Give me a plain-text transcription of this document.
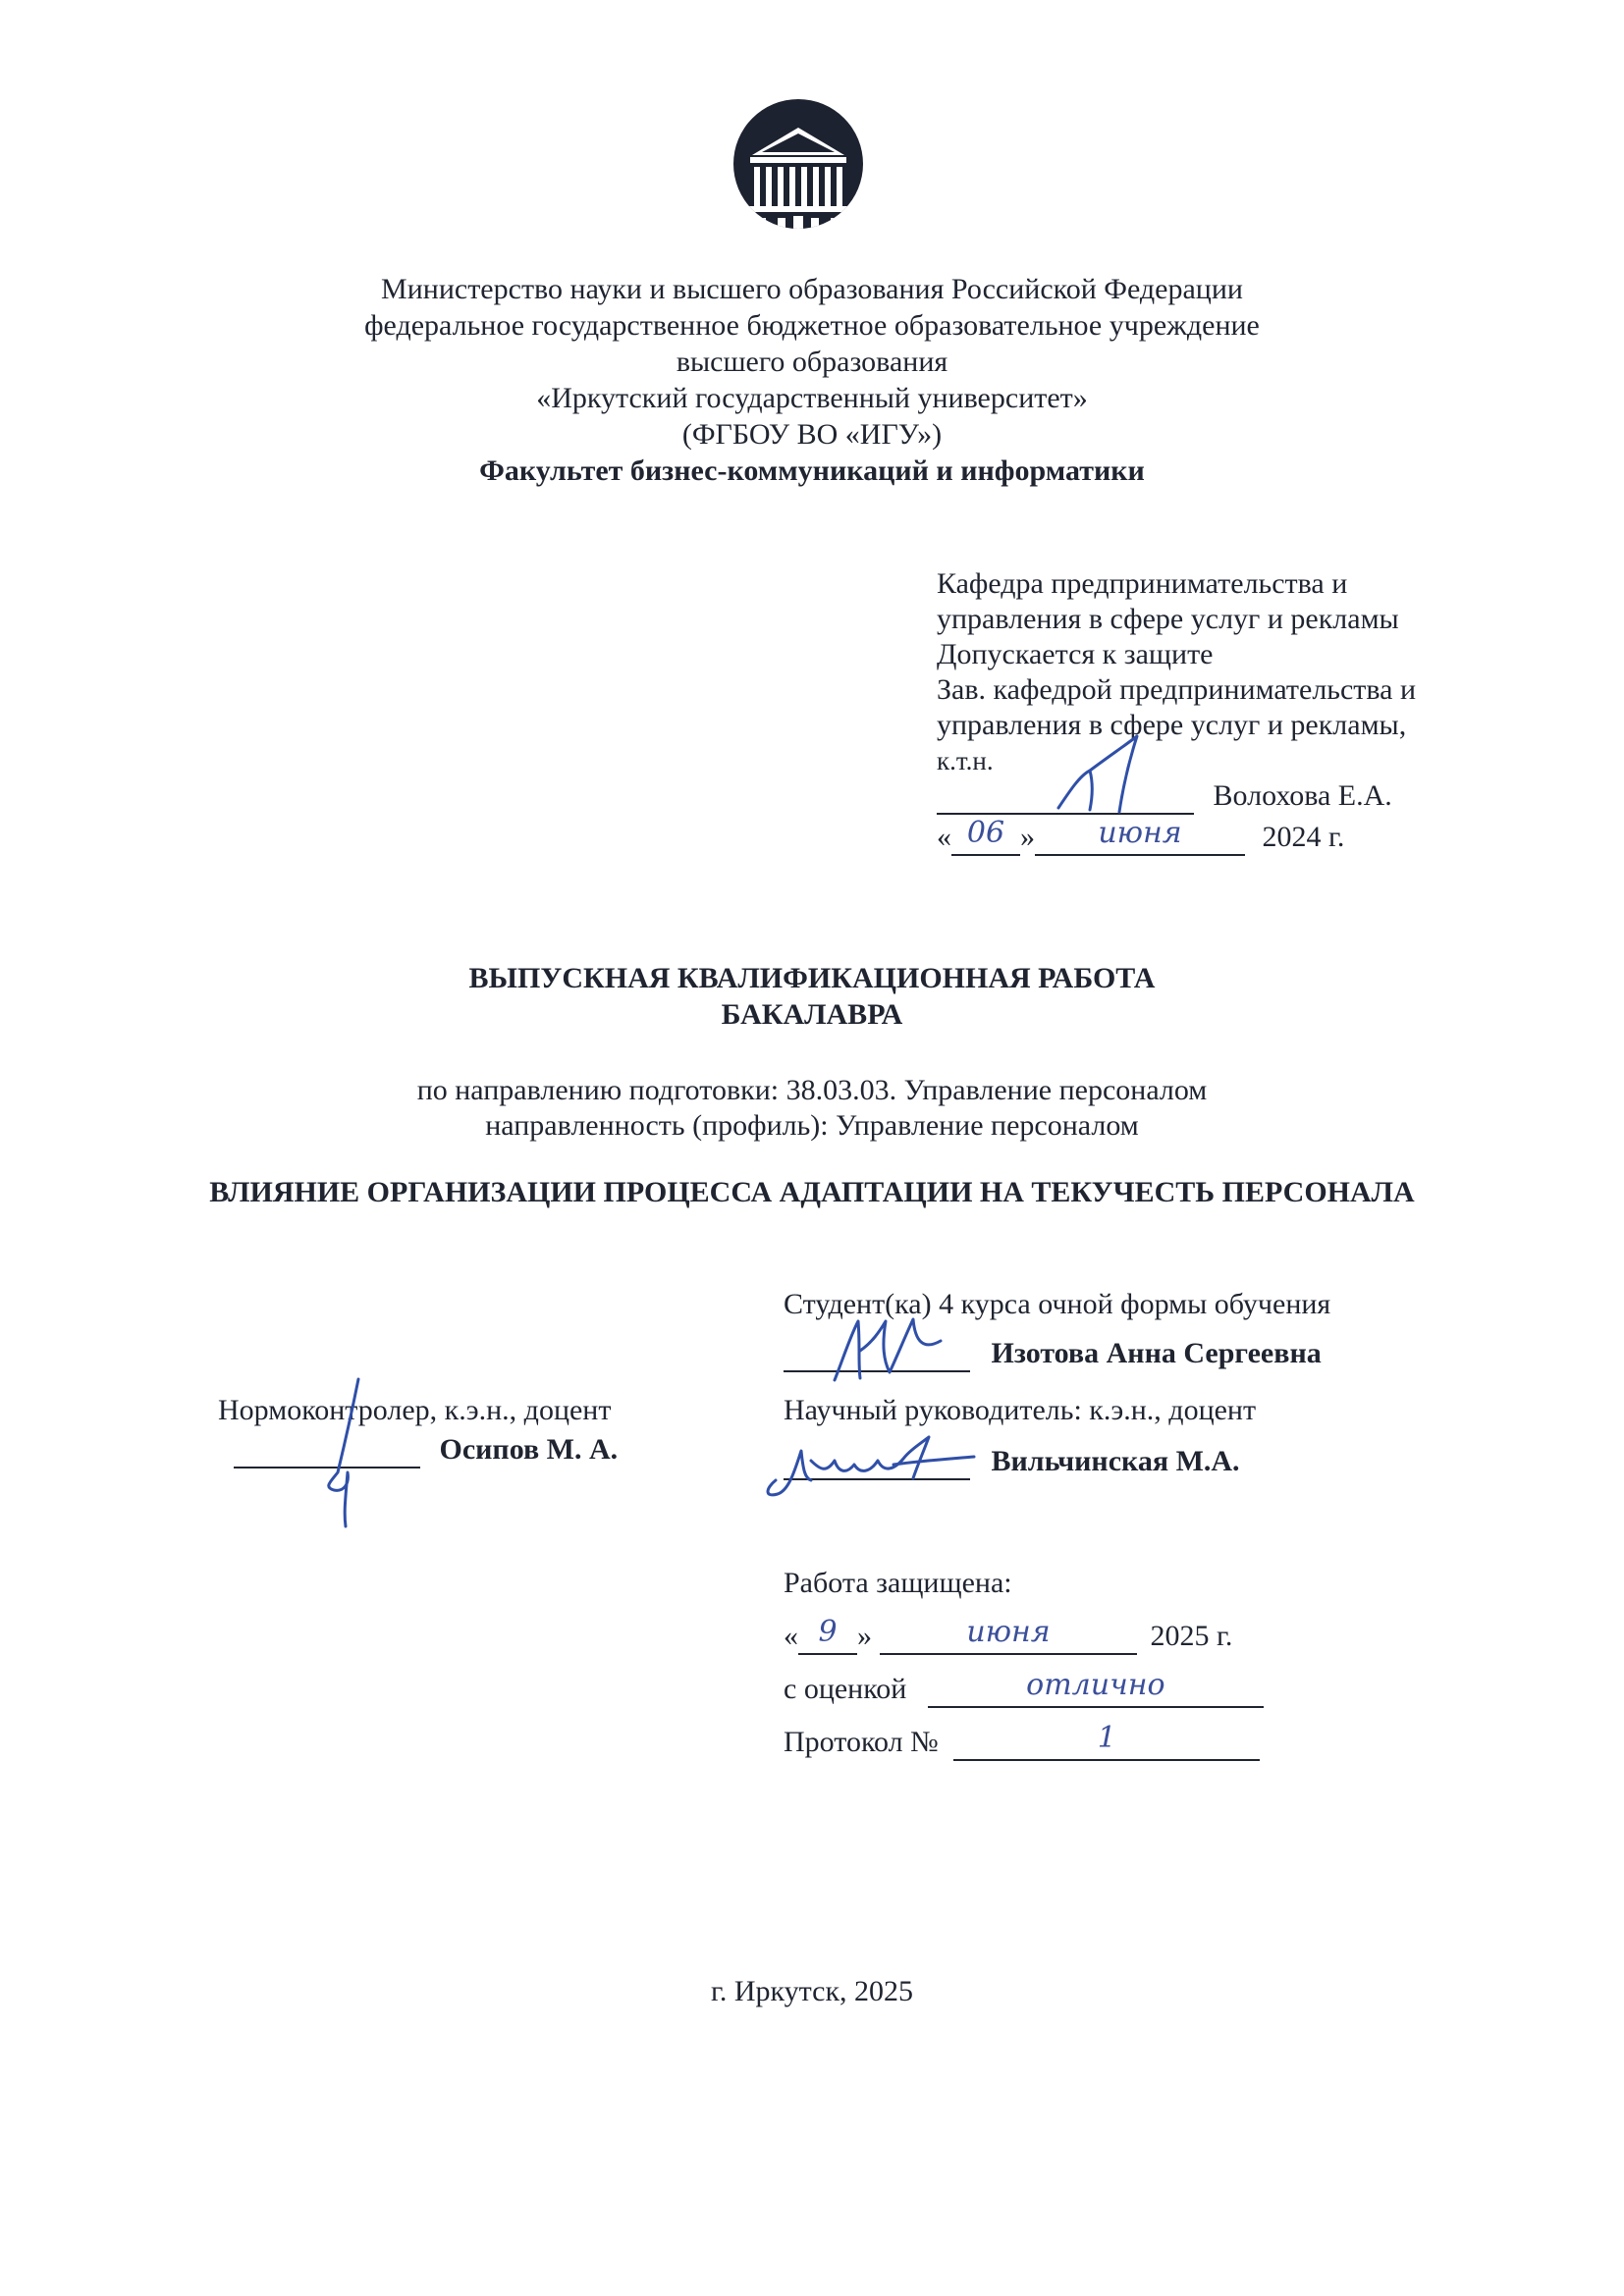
Министерство науки и высшего образования Российской Федерации
федеральное государственное бюджетное образовательное учреждение
высшего образования
«Иркутский государственный университет»
(ФГБОУ ВО «ИГУ»)
Факультет бизнес-коммуникаций и информатики
Кафедра предпринимательства и
управления в сфере услуг и рекламы
Допускается к защите
Зав. кафедрой предпринимательства и
управления в сфере услуг и рекламы,
к.т.н.
Волохова Е.А.
« 06 »	июня	2024 г.
ВЫПУСКНАЯ КВАЛИФИКАЦИОННАЯ РАБОТА
БАКАЛАВРА
по направлению подготовки: 38.03.03. Управление персоналом
направленность (профиль): Управление персоналом
ВЛИЯНИЕ ОРГАНИЗАЦИИ ПРОЦЕССА АДАПТАЦИИ НА ТЕКУЧЕСТЬ ПЕРСОНАЛА
Студент(ка) 4 курса очной формы обучения
Изотова Анна Сергеевна
Нормоконтролер, к.э.н., доцент
Осипов М. А.
Научный руководитель: к.э.н., доцент
Вильчинская М.А.
Работа защищена:
« 9 »	июня	2025 г.
с оценкой	отлично
Протокол №	1
г. Иркутск, 2025
